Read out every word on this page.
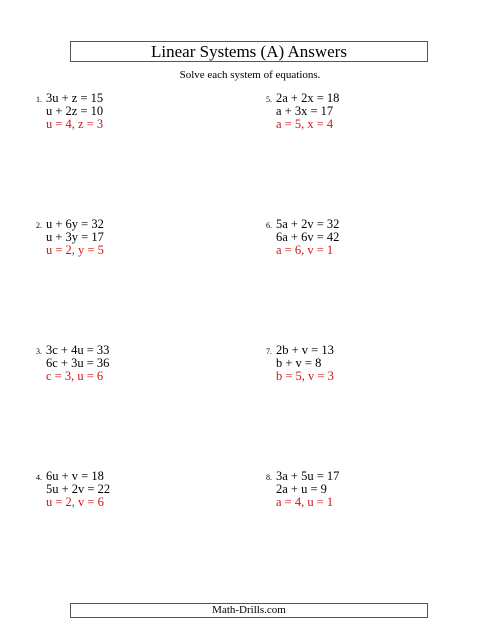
Linear Systems (A) Answers
Solve each system of equations.
1. 3u + z = 15
u + 2z = 10
u = 4, z = 3
2. u + 6y = 32
u + 3y = 17
u = 2, y = 5
3. 3c + 4u = 33
6c + 3u = 36
c = 3, u = 6
4. 6u + v = 18
5u + 2v = 22
u = 2, v = 6
5. 2a + 2x = 18
a + 3x = 17
a = 5, x = 4
6. 5a + 2v = 32
6a + 6v = 42
a = 6, v = 1
7. 2b + v = 13
b + v = 8
b = 5, v = 3
8. 3a + 5u = 17
2a + u = 9
a = 4, u = 1
Math-Drills.com
